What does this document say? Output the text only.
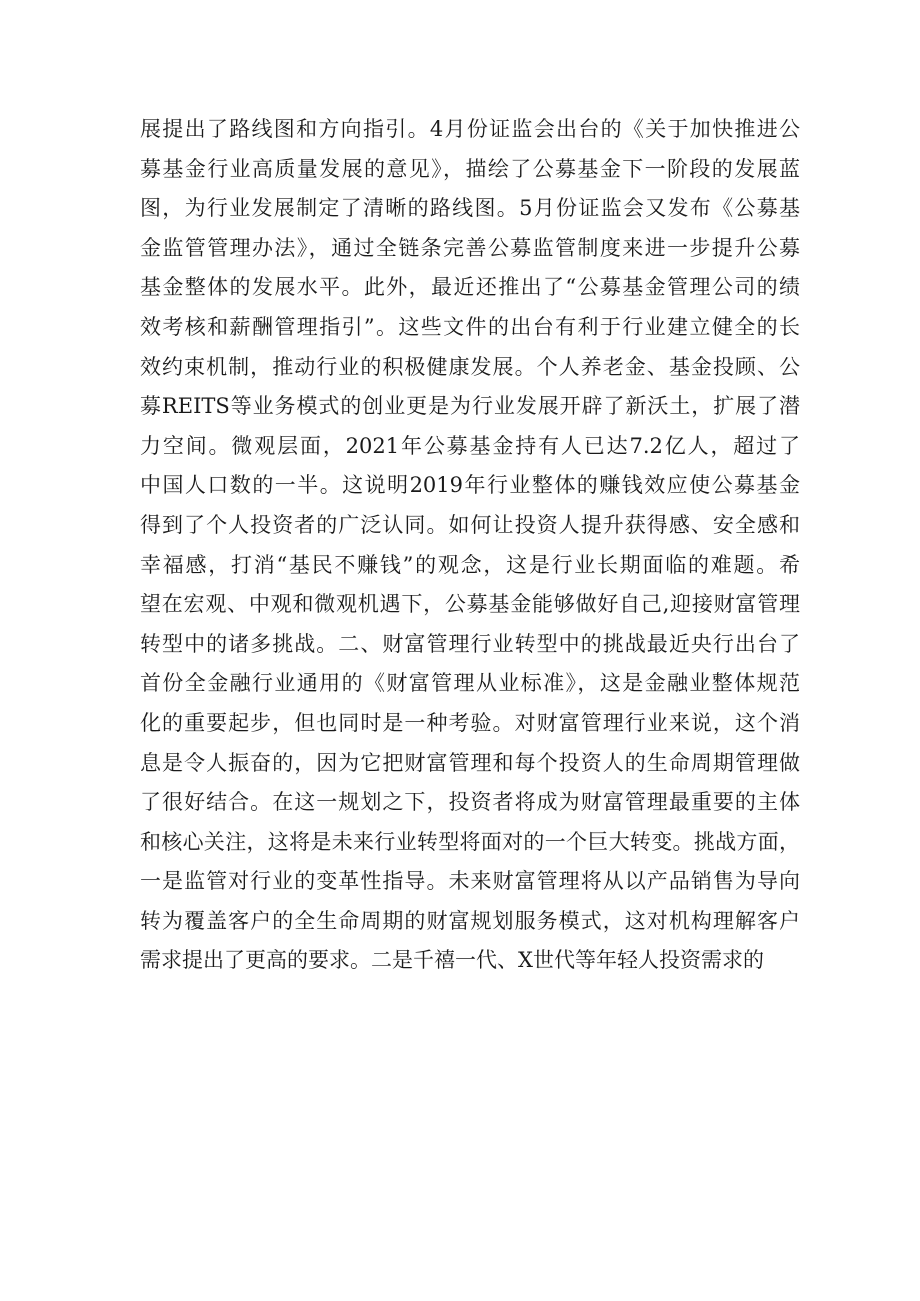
展提出了路线图和方向指引。4月份证监会出台的《关于加快推进公
募基金行业高质量发展的意见》，描绘了公募基金下一阶段的发展蓝
图，为行业发展制定了清晰的路线图。5月份证监会又发布《公募基
金监管管理办法》，通过全链条完善公募监管制度来进一步提升公募
基金整体的发展水平。此外，最近还推出了“公募基金管理公司的绩
效考核和薪酬管理指引”。这些文件的出台有利于行业建立健全的长
效约束机制，推动行业的积极健康发展。个人养老金、基金投顾、公
募REITS等业务模式的创业更是为行业发展开辟了新沃土，扩展了潜
力空间。微观层面，2021年公募基金持有人已达7.2亿人，超过了
中国人口数的一半。这说明2019年行业整体的赚钱效应使公募基金
得到了个人投资者的广泛认同。如何让投资人提升获得感、安全感和
幸福感，打消“基民不赚钱”的观念，这是行业长期面临的难题。希
望在宏观、中观和微观机遇下，公募基金能够做好自己,迎接财富管理
转型中的诸多挑战。二、财富管理行业转型中的挑战最近央行出台了
首份全金融行业通用的《财富管理从业标准》，这是金融业整体规范
化的重要起步，但也同时是一种考验。对财富管理行业来说，这个消
息是令人振奋的，因为它把财富管理和每个投资人的生命周期管理做
了很好结合。在这一规划之下，投资者将成为财富管理最重要的主体
和核心关注，这将是未来行业转型将面对的一个巨大转变。挑战方面，
一是监管对行业的变革性指导。未来财富管理将从以产品销售为导向
转为覆盖客户的全生命周期的财富规划服务模式，这对机构理解客户
需求提出了更高的要求。二是千禧一代、X世代等年轻人投资需求的
